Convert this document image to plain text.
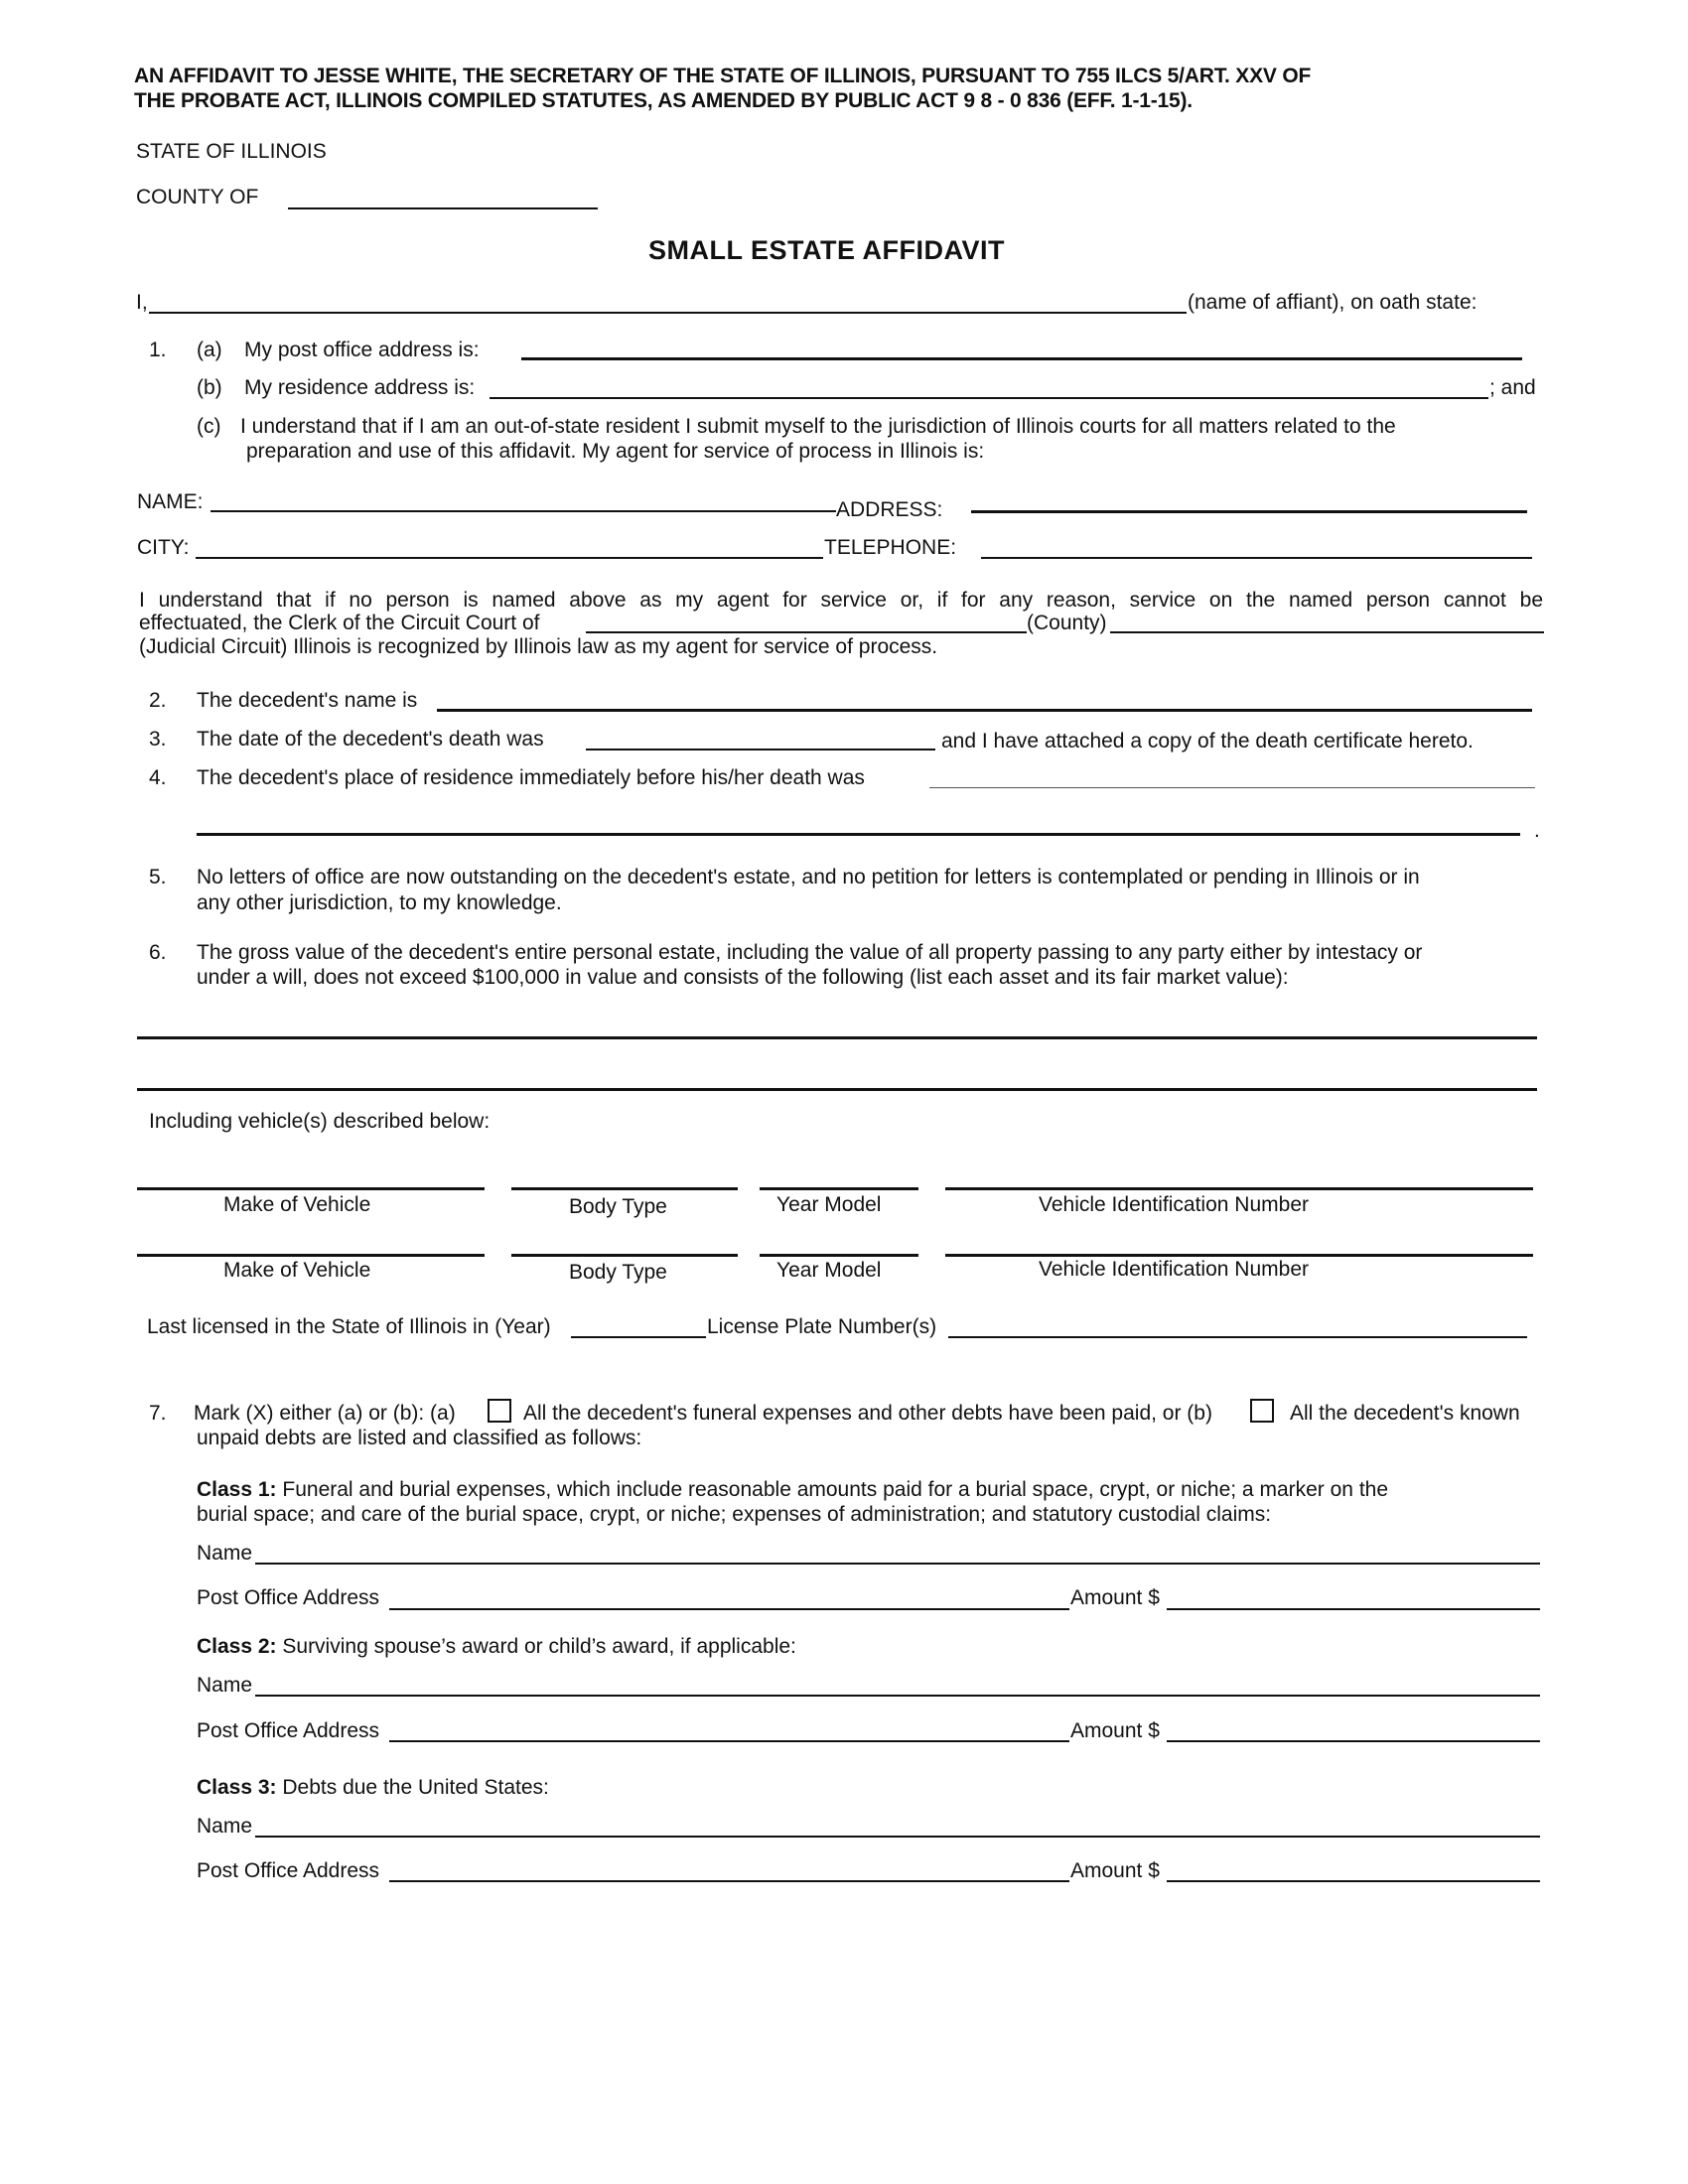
AN AFFIDAVIT TO JESSE WHITE, THE SECRETARY OF THE STATE OF ILLINOIS, PURSUANT TO 755 ILCS 5/ART. XXV OF
THE PROBATE ACT, ILLINOIS COMPILED STATUTES, AS AMENDED BY PUBLIC ACT 9 8 - 0 836 (EFF. 1-1-15).
STATE OF ILLINOIS
COUNTY OF
SMALL ESTATE AFFIDAVIT
I,	(name of affiant), on oath state:
1. (a) My post office address is:
(b) My residence address is:	; and
(c) I understand that if I am an out-of-state resident I submit myself to the jurisdiction of Illinois courts for all matters related to the
preparation and use of this affidavit. My agent for service of process in Illinois is:
NAME:	ADDRESS:
CITY:	TELEPHONE:
I understand that if no person is named above as my agent for service or, if for any reason, service on the named person cannot be
effectuated, the Clerk of the Circuit Court of	(County)
(Judicial Circuit) Illinois is recognized by Illinois law as my agent for service of process.
2. The decedent's name is
3. The date of the decedent's death was	and I have attached a copy of the death certificate hereto.
4. The decedent's place of residence immediately before his/her death was
.
5. No letters of office are now outstanding on the decedent's estate, and no petition for letters is contemplated or pending in Illinois or in
any other jurisdiction, to my knowledge.
6. The gross value of the decedent's entire personal estate, including the value of all property passing to any party either by intestacy or
under a will, does not exceed $100,000 in value and consists of the following (list each asset and its fair market value):
Including vehicle(s) described below:
Make of Vehicle	Body Type	Year Model	Vehicle Identification Number
Make of Vehicle	Body Type	Year Model	Vehicle Identification Number
Last licensed in the State of Illinois in (Year)	License Plate Number(s)
7. Mark (X) either (a) or (b): (a)	All the decedent's funeral expenses and other debts have been paid, or (b)	All the decedent's known
unpaid debts are listed and classified as follows:
Class 1: Funeral and burial expenses, which include reasonable amounts paid for a burial space, crypt, or niche; a marker on the
burial space; and care of the burial space, crypt, or niche; expenses of administration; and statutory custodial claims:
Name
Post Office Address	Amount $
Class 2: Surviving spouse’s award or child’s award, if applicable:
Name
Post Office Address	Amount $
Class 3: Debts due the United States:
Name
Post Office Address	Amount $
